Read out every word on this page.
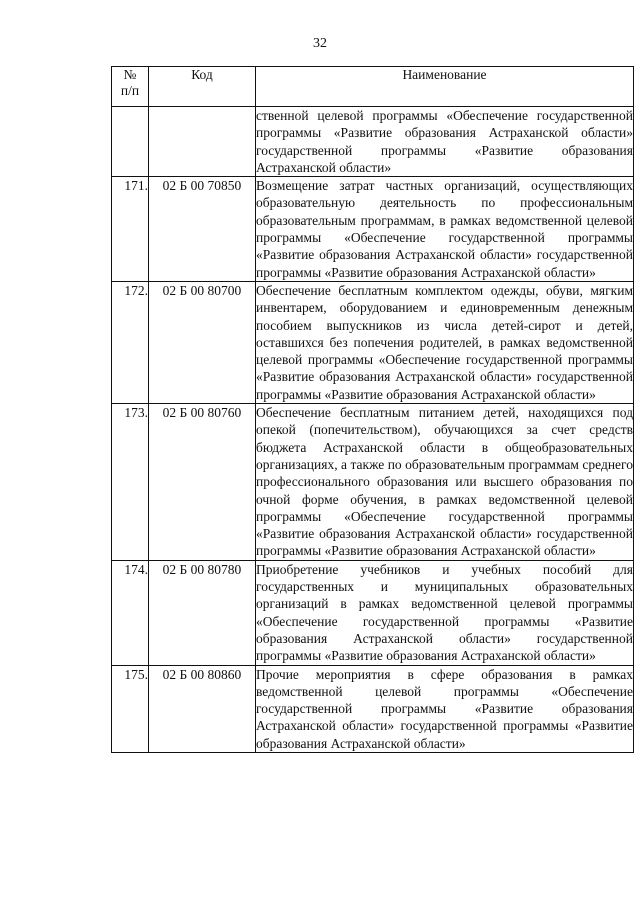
32
№
п/п	Код	Наименование
		ственной целевой программы «Обеспечение государственной программы «Развитие образования Астраханской области» государственной программы «Развитие образования Астраханской области»
171.	02 Б 00 70850	Возмещение затрат частных организаций, осуществляющих образовательную деятельность по профессиональным образовательным программам, в рамках ведомственной целевой программы «Обеспечение государственной программы «Развитие образования Астраханской области» государственной программы «Развитие образования Астраханской области»
172.	02 Б 00 80700	Обеспечение бесплатным комплектом одежды, обуви, мягким инвентарем, оборудованием и единовременным денежным пособием выпускников из числа детей-сирот и детей, оставшихся без попечения родителей, в рамках ведомственной целевой программы «Обеспечение государственной программы «Развитие образования Астраханской области» государственной программы «Развитие образования Астраханской области»
173.	02 Б 00 80760	Обеспечение бесплатным питанием детей, находящихся под опекой (попечительством), обучающихся за счет средств бюджета Астраханской области в общеобразовательных организациях, а также по образовательным программам среднего профессионального образования или высшего образования по очной форме обучения, в рамках ведомственной целевой программы «Обеспечение государственной программы «Развитие образования Астраханской области» государственной программы «Развитие образования Астраханской области»
174.	02 Б 00 80780	Приобретение учебников и учебных пособий для государственных и муниципальных образовательных организаций в рамках ведомственной целевой программы «Обеспечение государственной программы «Развитие образования Астраханской области» государственной программы «Развитие образования Астраханской области»
175.	02 Б 00 80860	Прочие мероприятия в сфере образования в рамках ведомственной целевой программы «Обеспечение государственной программы «Развитие образования Астраханской области» государственной программы «Развитие образования Астраханской области»
